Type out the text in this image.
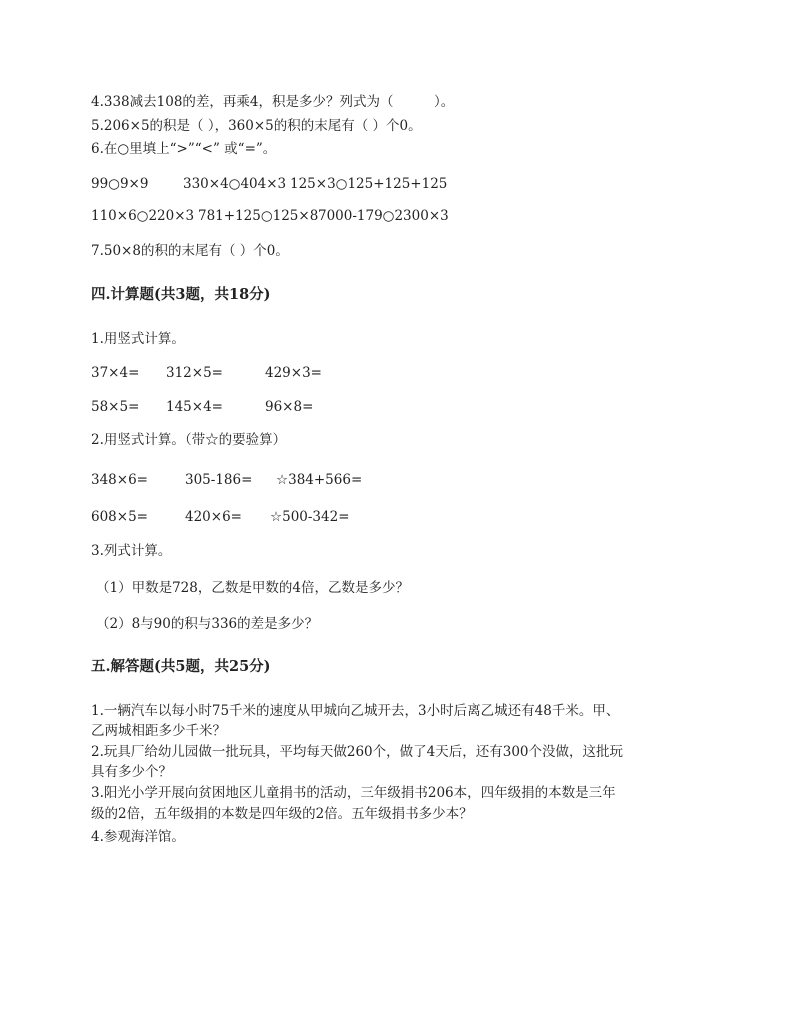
4.338减去108的差，再乘4，积是多少？列式为（　　　）。
5.206×5的积是（ ），360×5的积的末尾有（ ）个0。
6.在○里填上“>”“<” 或“=”。
99○9×9	330×4○404×3 125×3○125+125+125
110×6○220×3 781+125○125×8 7000-179○2300×3
7.50×8的积的末尾有（ ）个0。
四.计算题(共3题，共18分)
1.用竖式计算。
37×4= 312×5=	429×3=
58×5= 145×4=	96×8=
2.用竖式计算。（带☆的要验算）
348×6=	305-186= ☆384+566=
608×5=	420×6= ☆500-342=
3.列式计算。
（1）甲数是728，乙数是甲数的4倍，乙数是多少？
（2）8与90的积与336的差是多少？
五.解答题(共5题，共25分)
1.一辆汽车以每小时75千米的速度从甲城向乙城开去，3小时后离乙城还有48千米。甲、
乙两城相距多少千米？
2.玩具厂给幼儿园做一批玩具，平均每天做260个，做了4天后，还有300个没做，这批玩
具有多少个？
3.阳光小学开展向贫困地区儿童捐书的活动，三年级捐书206本，四年级捐的本数是三年
级的2倍，五年级捐的本数是四年级的2倍。五年级捐书多少本？
4.参观海洋馆。
